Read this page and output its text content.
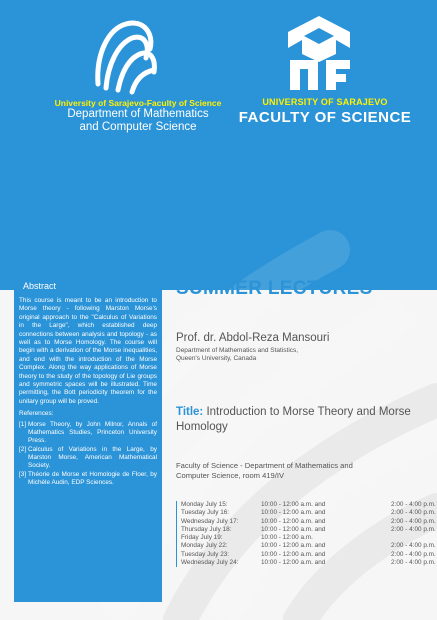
University of Sarajevo-Faculty of Science
Department of Mathematics
and Computer Science
UNIVERSITY OF SARAJEVO
FACULTY OF SCIENCE
Abstract
This course is meant to be an introduction to Morse theory - following Marston Morse's original approach to the "Calculus of Variations in the Large", which established deep connections between analysis and topology - as well as to Morse Homology. The course will begin with a derivation of the Morse inequalities, and end with the introduction of the Morse Complex. Along the way applications of Morse theory to the study of the topology of Lie groups and symmetric spaces will be illustrated. Time permitting, the Bott periodicity theorem for the unitary group will be proved.
References:
[1] Morse Theory, by John Milnor, Annals of Mathematics Studies, Princeton University Press.
[2] Calculus of Variations in the Large, by Marston Morse, American Mathematical Society.
[3] Théorie de Morse et Homologie de Floer, by Michèle Audin, EDP Sciences.
SUMMER LECTURES
Prof. dr. Abdol-Reza Mansouri
Department of Mathematics and Statistics,
Queen's University, Canada
Title: Introduction to Morse Theory and Morse Homology
Faculty of Science - Department of Mathematics and
Computer Science, room 419/IV
Monday July 15:	10:00 - 12:00 a.m. and	2:00 - 4:00 p.m.
Tuesday July 16:	10:00 - 12:00 a.m. and	2:00 - 4:00 p.m.
Wednesday July 17:	10:00 - 12:00 a.m. and	2:00 - 4:00 p.m.
Thursday July 18:	10:00 - 12:00 a.m. and	2:00 - 4:00 p.m.
Friday July 19:	10:00 - 12:00 a.m.
Monday July 22:	10:00 - 12:00 a.m. and	2:00 - 4:00 p.m.
Tuesday July 23:	10:00 - 12:00 a.m. and	2:00 - 4:00 p.m.
Wednesday July 24:	10:00 - 12:00 a.m. and	2:00 - 4:00 p.m.
